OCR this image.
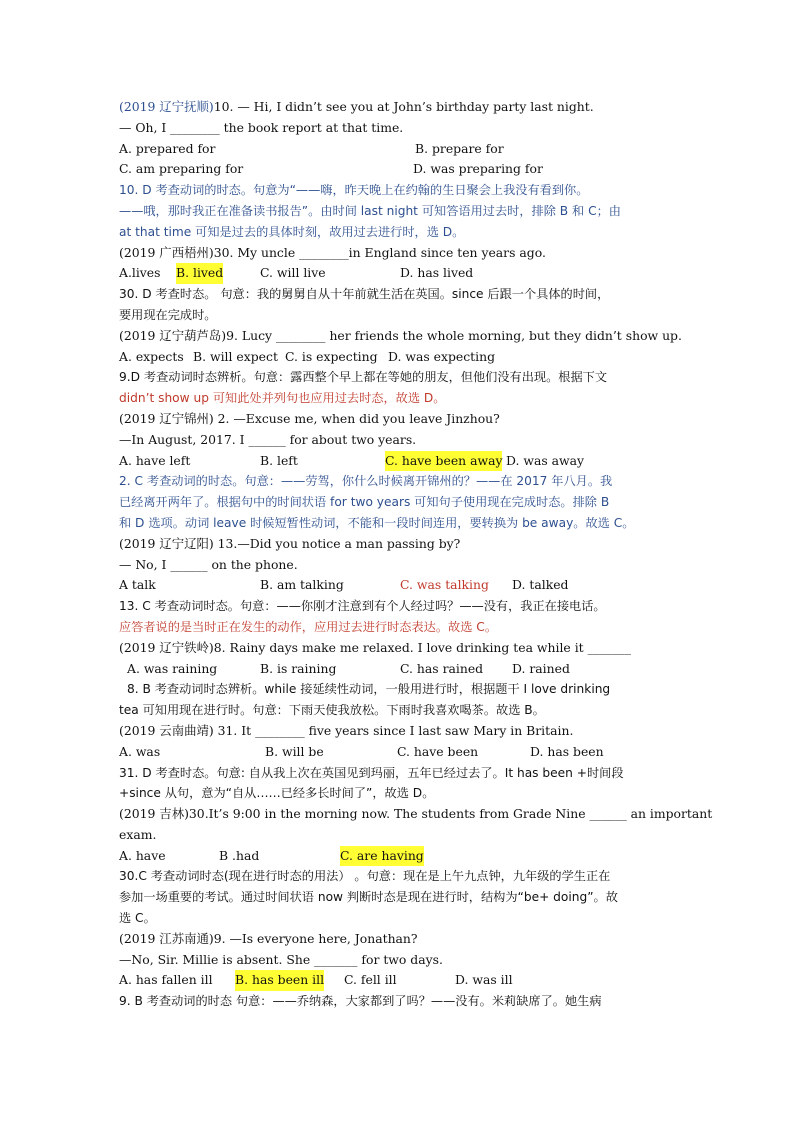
(2019 辽宁抚顺)10. — Hi, I didn’t see you at John’s birthday party last night.
— Oh, I ________ the book report at that time.
A. prepared for	B. prepare for
C. am preparing for	D. was preparing for
10. D 考查动词的时态。句意为“——嗨，昨天晚上在约翰的生日聚会上我没有看到你。
——哦，那时我正在准备读书报告”。由时间 last night 可知答语用过去时，排除 B 和 C；由
at that time 可知是过去的具体时刻，故用过去进行时，选 D。
(2019 广西梧州)30. My uncle ________in England since ten years ago.
A.lives B. lived	C. will live	D. has lived
30. D 考查时态。 句意：我的舅舅自从十年前就生活在英国。since 后跟一个具体的时间，
要用现在完成时。
(2019 辽宁葫芦岛)9. Lucy ________ her friends the whole morning, but they didn’t show up.
A. expects B. will expect C. is expecting D. was expecting
9.D 考查动词时态辨析。句意：露西整个早上都在等她的朋友，但他们没有出现。根据下文
didn’t show up 可知此处并列句也应用过去时态，故选 D。
(2019 辽宁锦州) 2. —Excuse me, when did you leave Jinzhou?
—In August, 2017. I ______ for about two years.
A. have left	B. left	C. have been away D. was away
2. C 考查动词的时态。句意：——劳驾，你什么时候离开锦州的？——在 2017 年八月。我
已经离开两年了。根据句中的时间状语 for two years 可知句子使用现在完成时态。排除 B
和 D 选项。动词 leave 时候短暂性动词，不能和一段时间连用，要转换为 be away。故选 C。
(2019 辽宁辽阳) 13.—Did you notice a man passing by?
— No, I ______ on the phone.
A talk	B. am talking	C. was talking D. talked
13. C 考查动词时态。句意：——你刚才注意到有个人经过吗？——没有，我正在接电话。
应答者说的是当时正在发生的动作，应用过去进行时态表达。故选 C。
(2019 辽宁铁岭)8. Rainy days make me relaxed. I love drinking tea while it _______
A. was raining	B. is raining	C. has rained D. rained
8. B 考查动词时态辨析。while 接延续性动词，一般用进行时，根据题干 I love drinking
tea 可知用现在进行时。句意：下雨天使我放松。下雨时我喜欢喝茶。故选 B。
(2019 云南曲靖) 31. It ________ five years since I last saw Mary in Britain.
A. was	B. will be	C. have been	D. has been
31. D 考查时态。句意: 自从我上次在英国见到玛丽，五年已经过去了。It has been +时间段
+since 从句，意为“自从……已经多长时间了”，故选 D。
(2019 吉林)30.It’s 9:00 in the morning now. The students from Grade Nine ______ an important
exam.
A. have	B .had	C. are having
30.C 考查动词时态(现在进行时态的用法） 。句意：现在是上午九点钟，九年级的学生正在
参加一场重要的考试。通过时间状语 now 判断时态是现在进行时，结构为“be+ doing”。故
选 C。
(2019 江苏南通)9. —Is everyone here, Jonathan?
—No, Sir. Millie is absent. She _______ for two days.
A. has fallen ill B. has been ill C. fell ill	D. was ill
9. B 考查动词的时态 句意：——乔纳森，大家都到了吗？——没有。米莉缺席了。她生病
